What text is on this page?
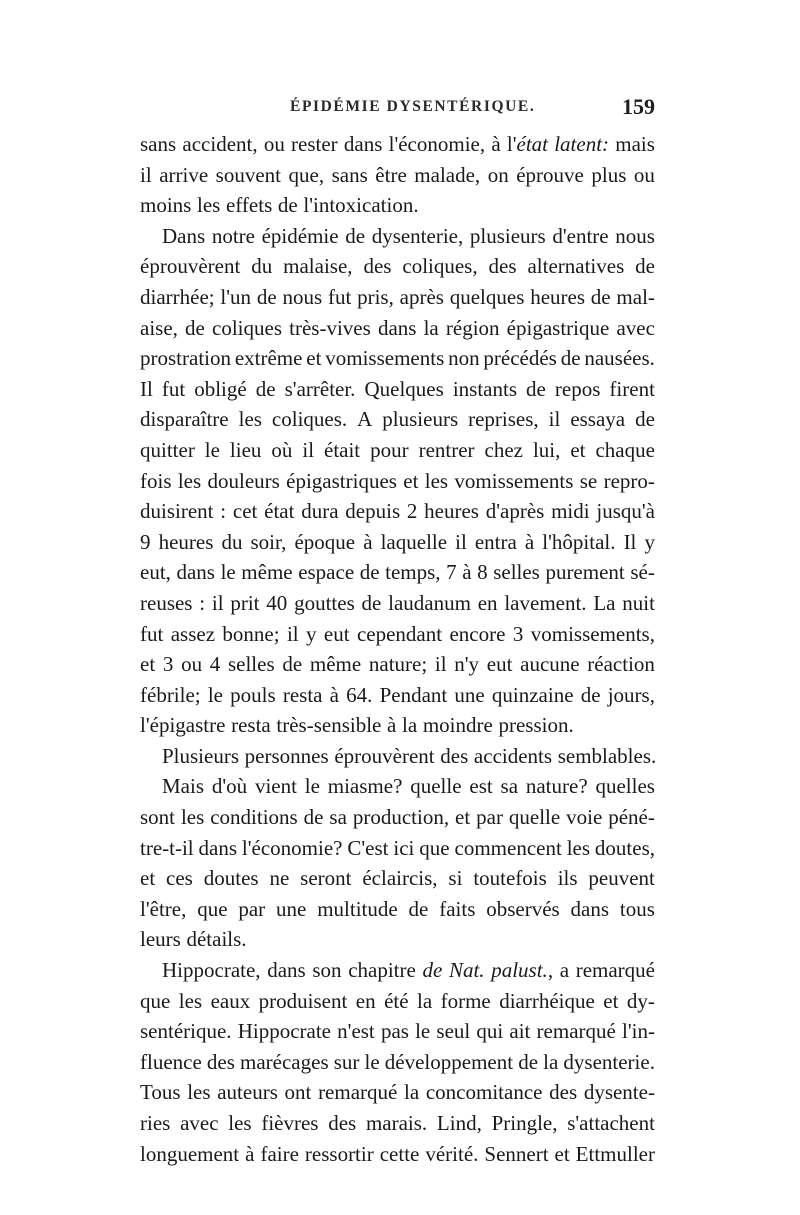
ÉPIDÉMIE DYSENTÉRIQUE.	159
sans accident, ou rester dans l'économie, à l'état latent: mais
il arrive souvent que, sans être malade, on éprouve plus ou
moins les effets de l'intoxication.
Dans notre épidémie de dysenterie, plusieurs d'entre nous
éprouvèrent du malaise, des coliques, des alternatives de
diarrhée; l'un de nous fut pris, après quelques heures de mal-
aise, de coliques très-vives dans la région épigastrique avec
prostration extrême et vomissements non précédés de nausées.
Il fut obligé de s'arrêter. Quelques instants de repos firent
disparaître les coliques. A plusieurs reprises, il essaya de
quitter le lieu où il était pour rentrer chez lui, et chaque
fois les douleurs épigastriques et les vomissements se repro-
duisirent : cet état dura depuis 2 heures d'après midi jusqu'à
9 heures du soir, époque à laquelle il entra à l'hôpital. Il y
eut, dans le même espace de temps, 7 à 8 selles purement sé-
reuses : il prit 40 gouttes de laudanum en lavement. La nuit
fut assez bonne; il y eut cependant encore 3 vomissements,
et 3 ou 4 selles de même nature; il n'y eut aucune réaction
fébrile; le pouls resta à 64. Pendant une quinzaine de jours,
l'épigastre resta très-sensible à la moindre pression.
Plusieurs personnes éprouvèrent des accidents semblables.
Mais d'où vient le miasme? quelle est sa nature? quelles
sont les conditions de sa production, et par quelle voie péné-
tre-t-il dans l'économie? C'est ici que commencent les doutes,
et ces doutes ne seront éclaircis, si toutefois ils peuvent
l'être, que par une multitude de faits observés dans tous
leurs détails.
Hippocrate, dans son chapitre de Nat. palust., a remarqué
que les eaux produisent en été la forme diarrhéique et dy-
sentérique. Hippocrate n'est pas le seul qui ait remarqué l'in-
fluence des marécages sur le développement de la dysenterie.
Tous les auteurs ont remarqué la concomitance des dysente-
ries avec les fièvres des marais. Lind, Pringle, s'attachent
longuement à faire ressortir cette vérité. Sennert et Ettmuller
